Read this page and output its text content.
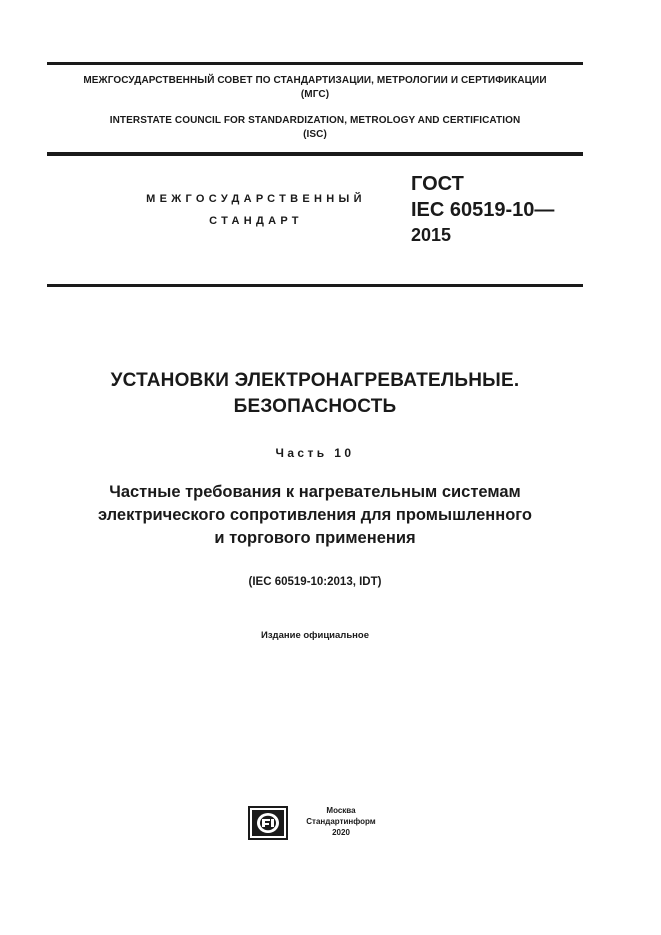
МЕЖГОСУДАРСТВЕННЫЙ СОВЕТ ПО СТАНДАРТИЗАЦИИ, МЕТРОЛОГИИ И СЕРТИФИКАЦИИ
(МГС)
INTERSTATE COUNCIL FOR STANDARDIZATION, METROLOGY AND CERTIFICATION
(ISC)
МЕЖГОСУДАРСТВЕННЫЙ
СТАНДАРТ
ГОСТ
IEC 60519-10—
2015
УСТАНОВКИ ЭЛЕКТРОНАГРЕВАТЕЛЬНЫЕ.
БЕЗОПАСНОСТЬ
Часть 10
Частные требования к нагревательным системам
электрического сопротивления для промышленного
и торгового применения
(IEC 60519-10:2013, IDT)
Издание официальное
Москва
Стандартинформ
2020
